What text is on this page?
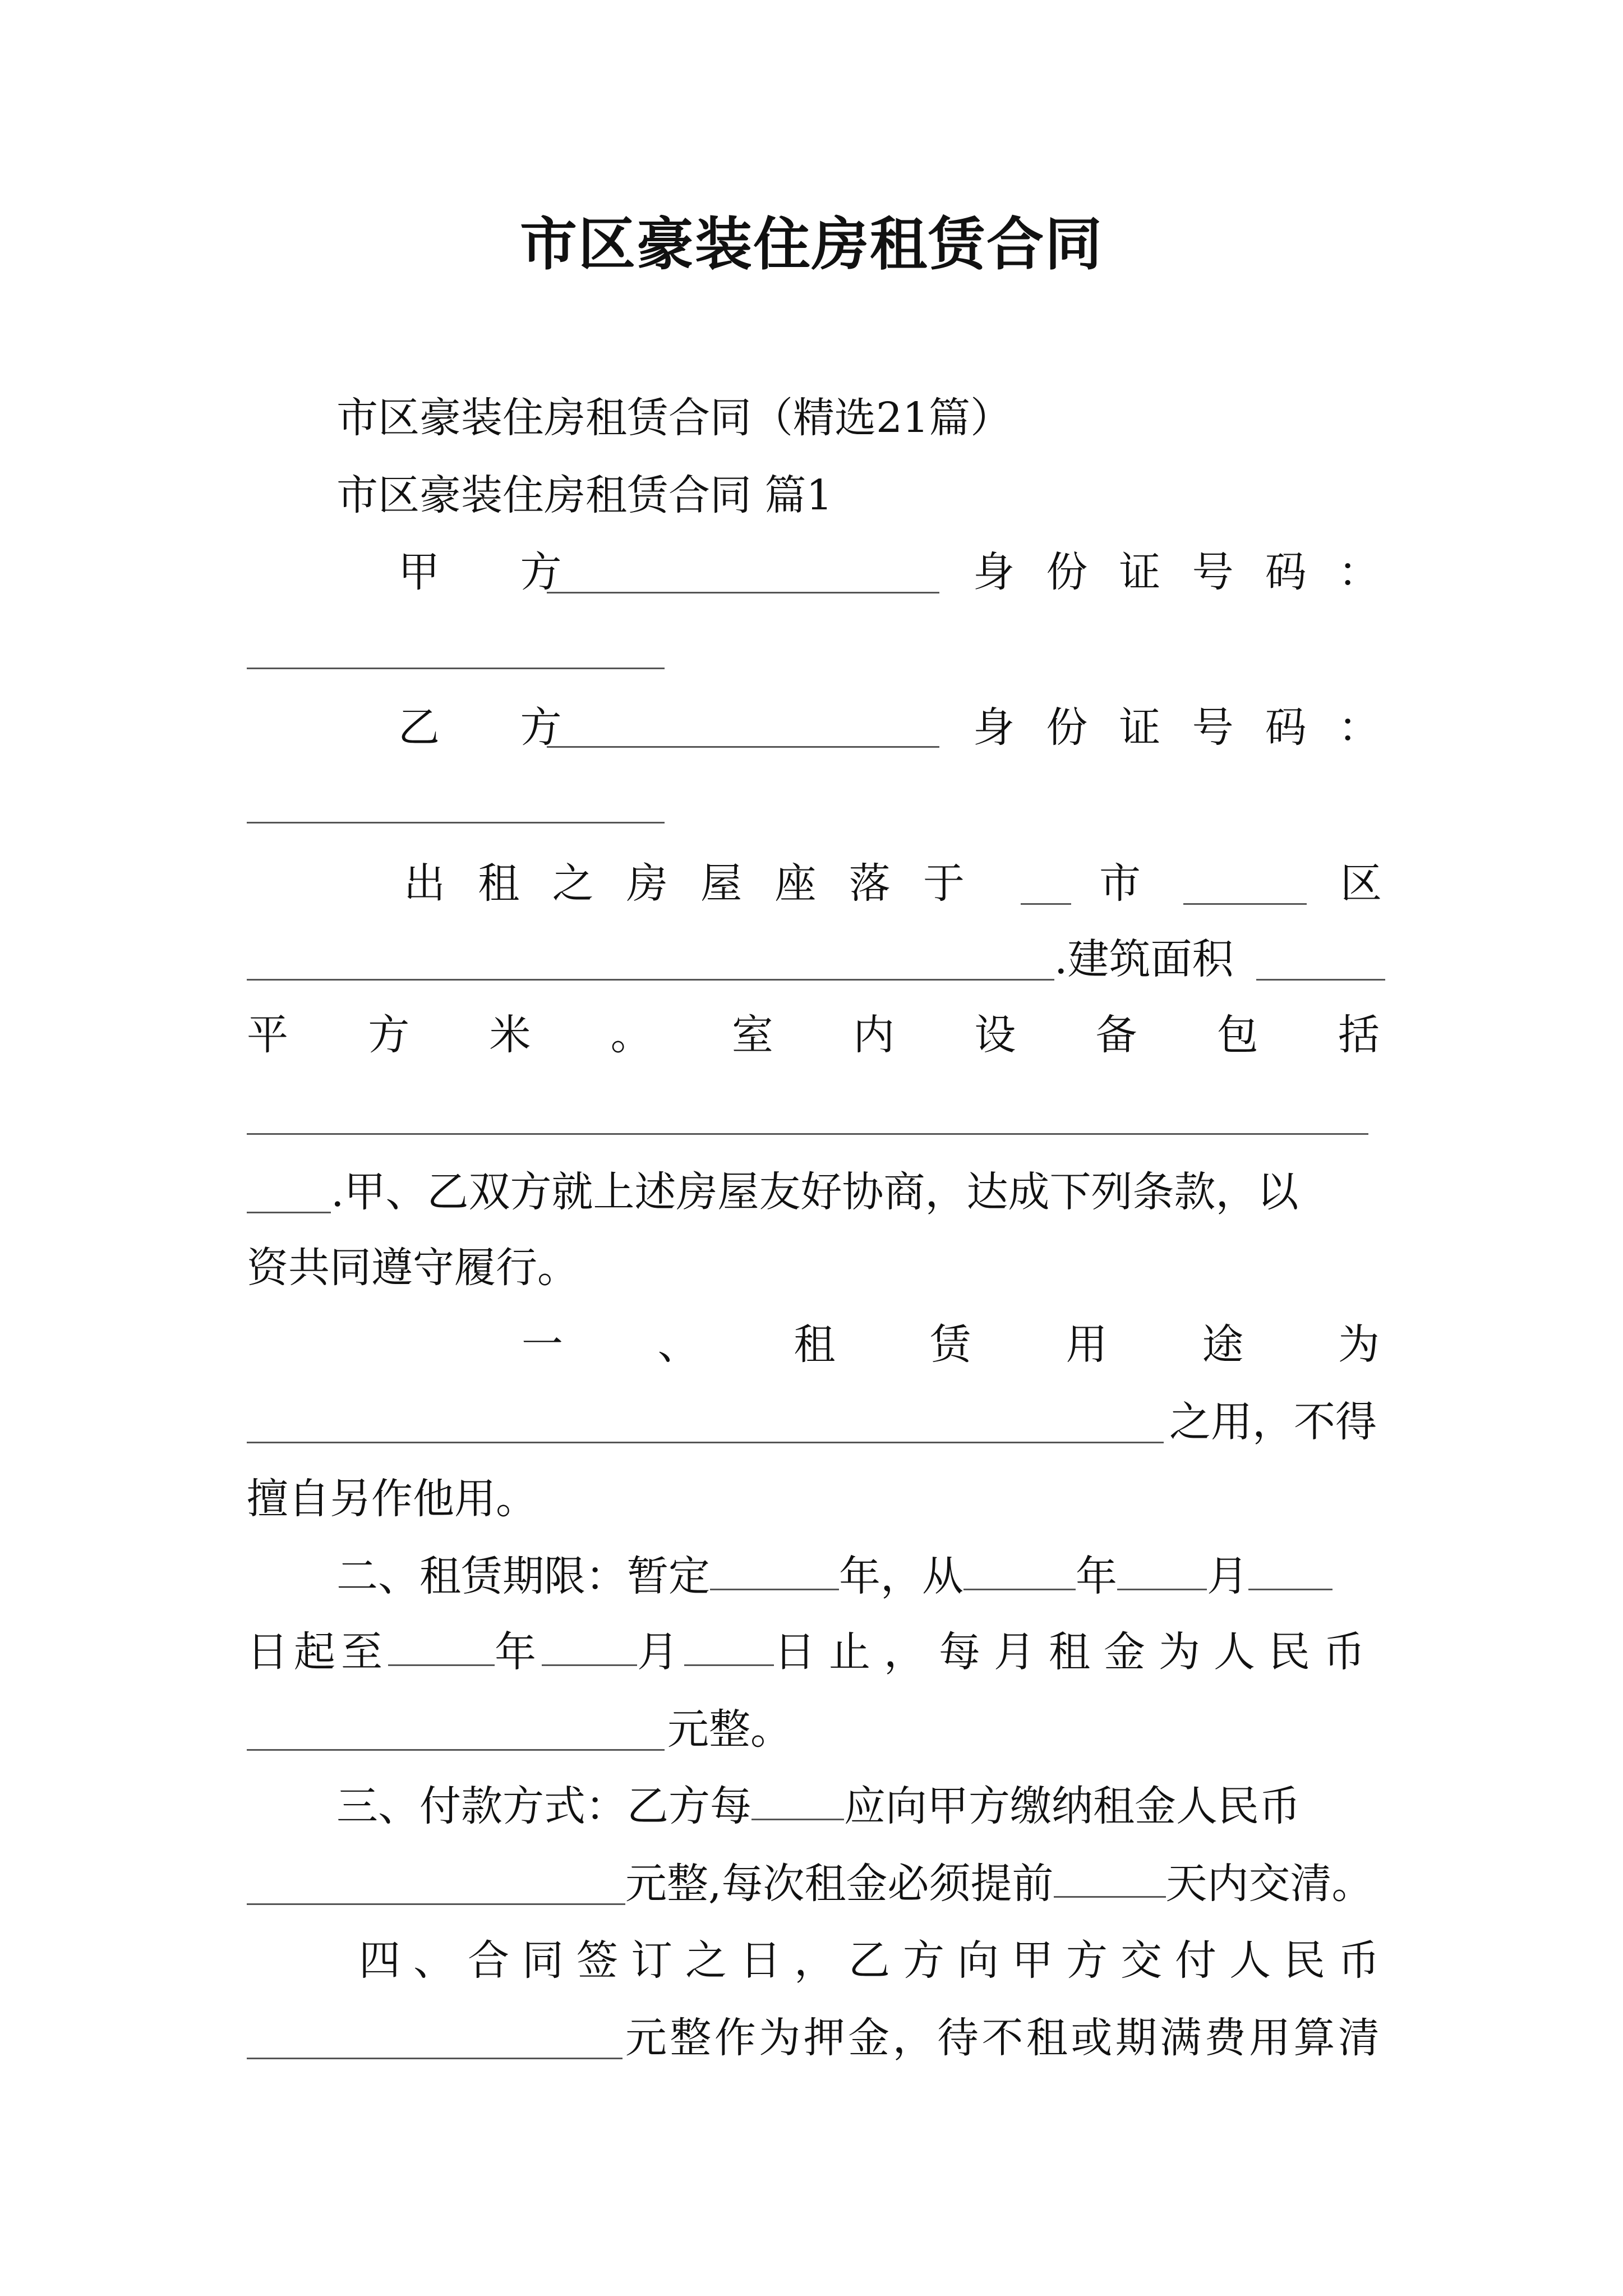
市区豪装住房租赁合同
市区豪装住房租赁合同（精选21篇）
市区豪装住房租赁合同 篇1
甲 方	身份证号码：
乙 方	身份证号码：
出租之房屋座落于	市	区
.建筑面积
平方米。室内设备包括
.甲、乙双方就上述房屋友好协商，达成下列条款，以
资共同遵守履行。
一、租赁用途为
之用，不得
擅自另作他用。
二、租赁期限：暂定	年，从	年 月
日起至	年 月 日止，每月租金为人民币
元整。
三、付款方式：乙方每 应向甲方缴纳租金人民币
元整,每次租金必须提前	天内交清。
四、合同签订之日，乙方向甲方交付人民币
元整作为押金，待不租或期满费用算清
